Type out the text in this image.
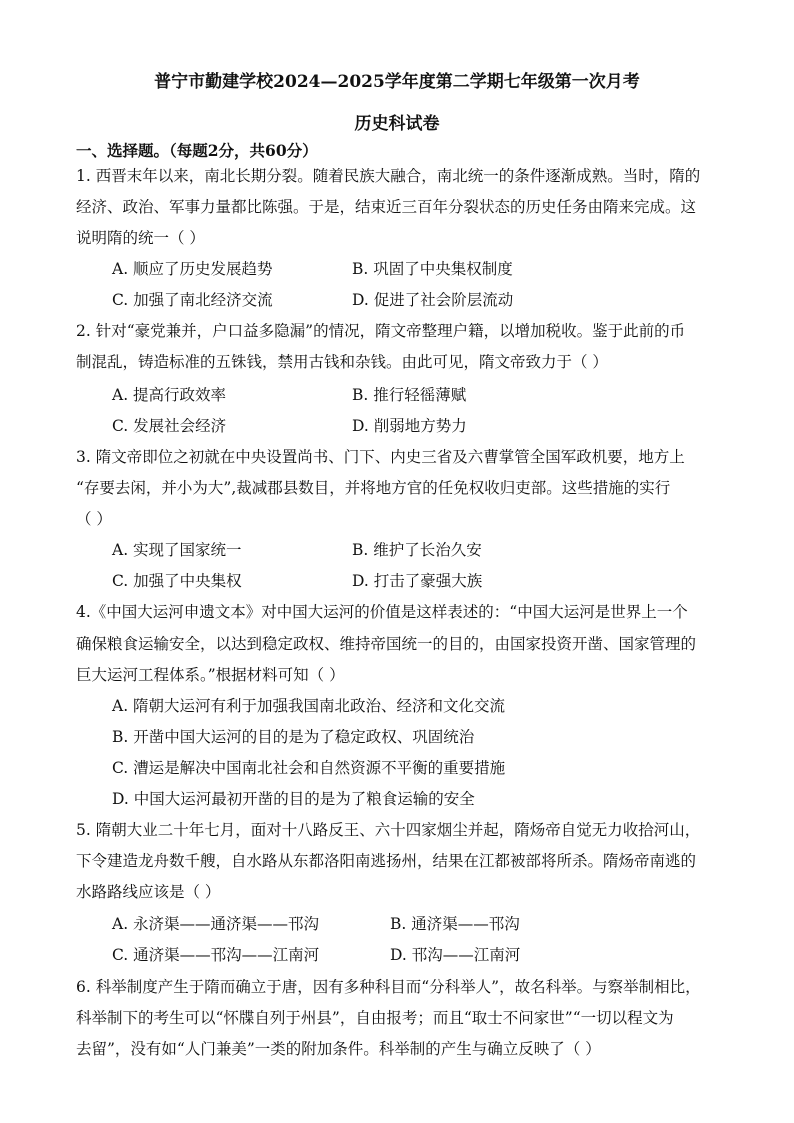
普宁市勤建学校2024—2025学年度第二学期七年级第一次月考
历史科试卷
一、选择题。（每题2分，共60分）
1. 西晋末年以来，南北长期分裂。随着民族大融合，南北统一的条件逐渐成熟。当时，隋的
经济、政治、军事力量都比陈强。于是，结束近三百年分裂状态的历史任务由隋来完成。这
说明隋的统一（ ）
A. 顺应了历史发展趋势	B. 巩固了中央集权制度
C. 加强了南北经济交流	D. 促进了社会阶层流动
2. 针对“豪党兼并，户口益多隐漏”的情况，隋文帝整理户籍，以增加税收。鉴于此前的币
制混乱，铸造标准的五铢钱，禁用古钱和杂钱。由此可见，隋文帝致力于（ ）
A. 提高行政效率	B. 推行轻徭薄赋
C. 发展社会经济	D. 削弱地方势力
3. 隋文帝即位之初就在中央设置尚书、门下、内史三省及六曹掌管全国军政机要，地方上
“存要去闲，并小为大”,裁减郡县数目，并将地方官的任免权收归吏部。这些措施的实行
（ ）
A. 实现了国家统一	B. 维护了长治久安
C. 加强了中央集权	D. 打击了豪强大族
4.《中国大运河申遗文本》对中国大运河的价值是这样表述的：“中国大运河是世界上一个
确保粮食运输安全，以达到稳定政权、维持帝国统一的目的，由国家投资开凿、国家管理的
巨大运河工程体系。”根据材料可知（ ）
A. 隋朝大运河有利于加强我国南北政治、经济和文化交流
B. 开凿中国大运河的目的是为了稳定政权、巩固统治
C. 漕运是解决中国南北社会和自然资源不平衡的重要措施
D. 中国大运河最初开凿的目的是为了粮食运输的安全
5. 隋朝大业二十年七月，面对十八路反王、六十四家烟尘并起，隋炀帝自觉无力收拾河山，
下令建造龙舟数千艘，自水路从东都洛阳南逃扬州，结果在江都被部将所杀。隋炀帝南逃的
水路路线应该是（ ）
A. 永济渠——通济渠——邗沟	B. 通济渠——邗沟
C. 通济渠——邗沟——江南河	D. 邗沟——江南河
6. 科举制度产生于隋而确立于唐，因有多种科目而“分科举人”，故名科举。与察举制相比，
科举制下的考生可以“怀牒自列于州县”，自由报考；而且“取士不问家世”“一切以程文为
去留”，没有如“人门兼美”一类的附加条件。科举制的产生与确立反映了（ ）
